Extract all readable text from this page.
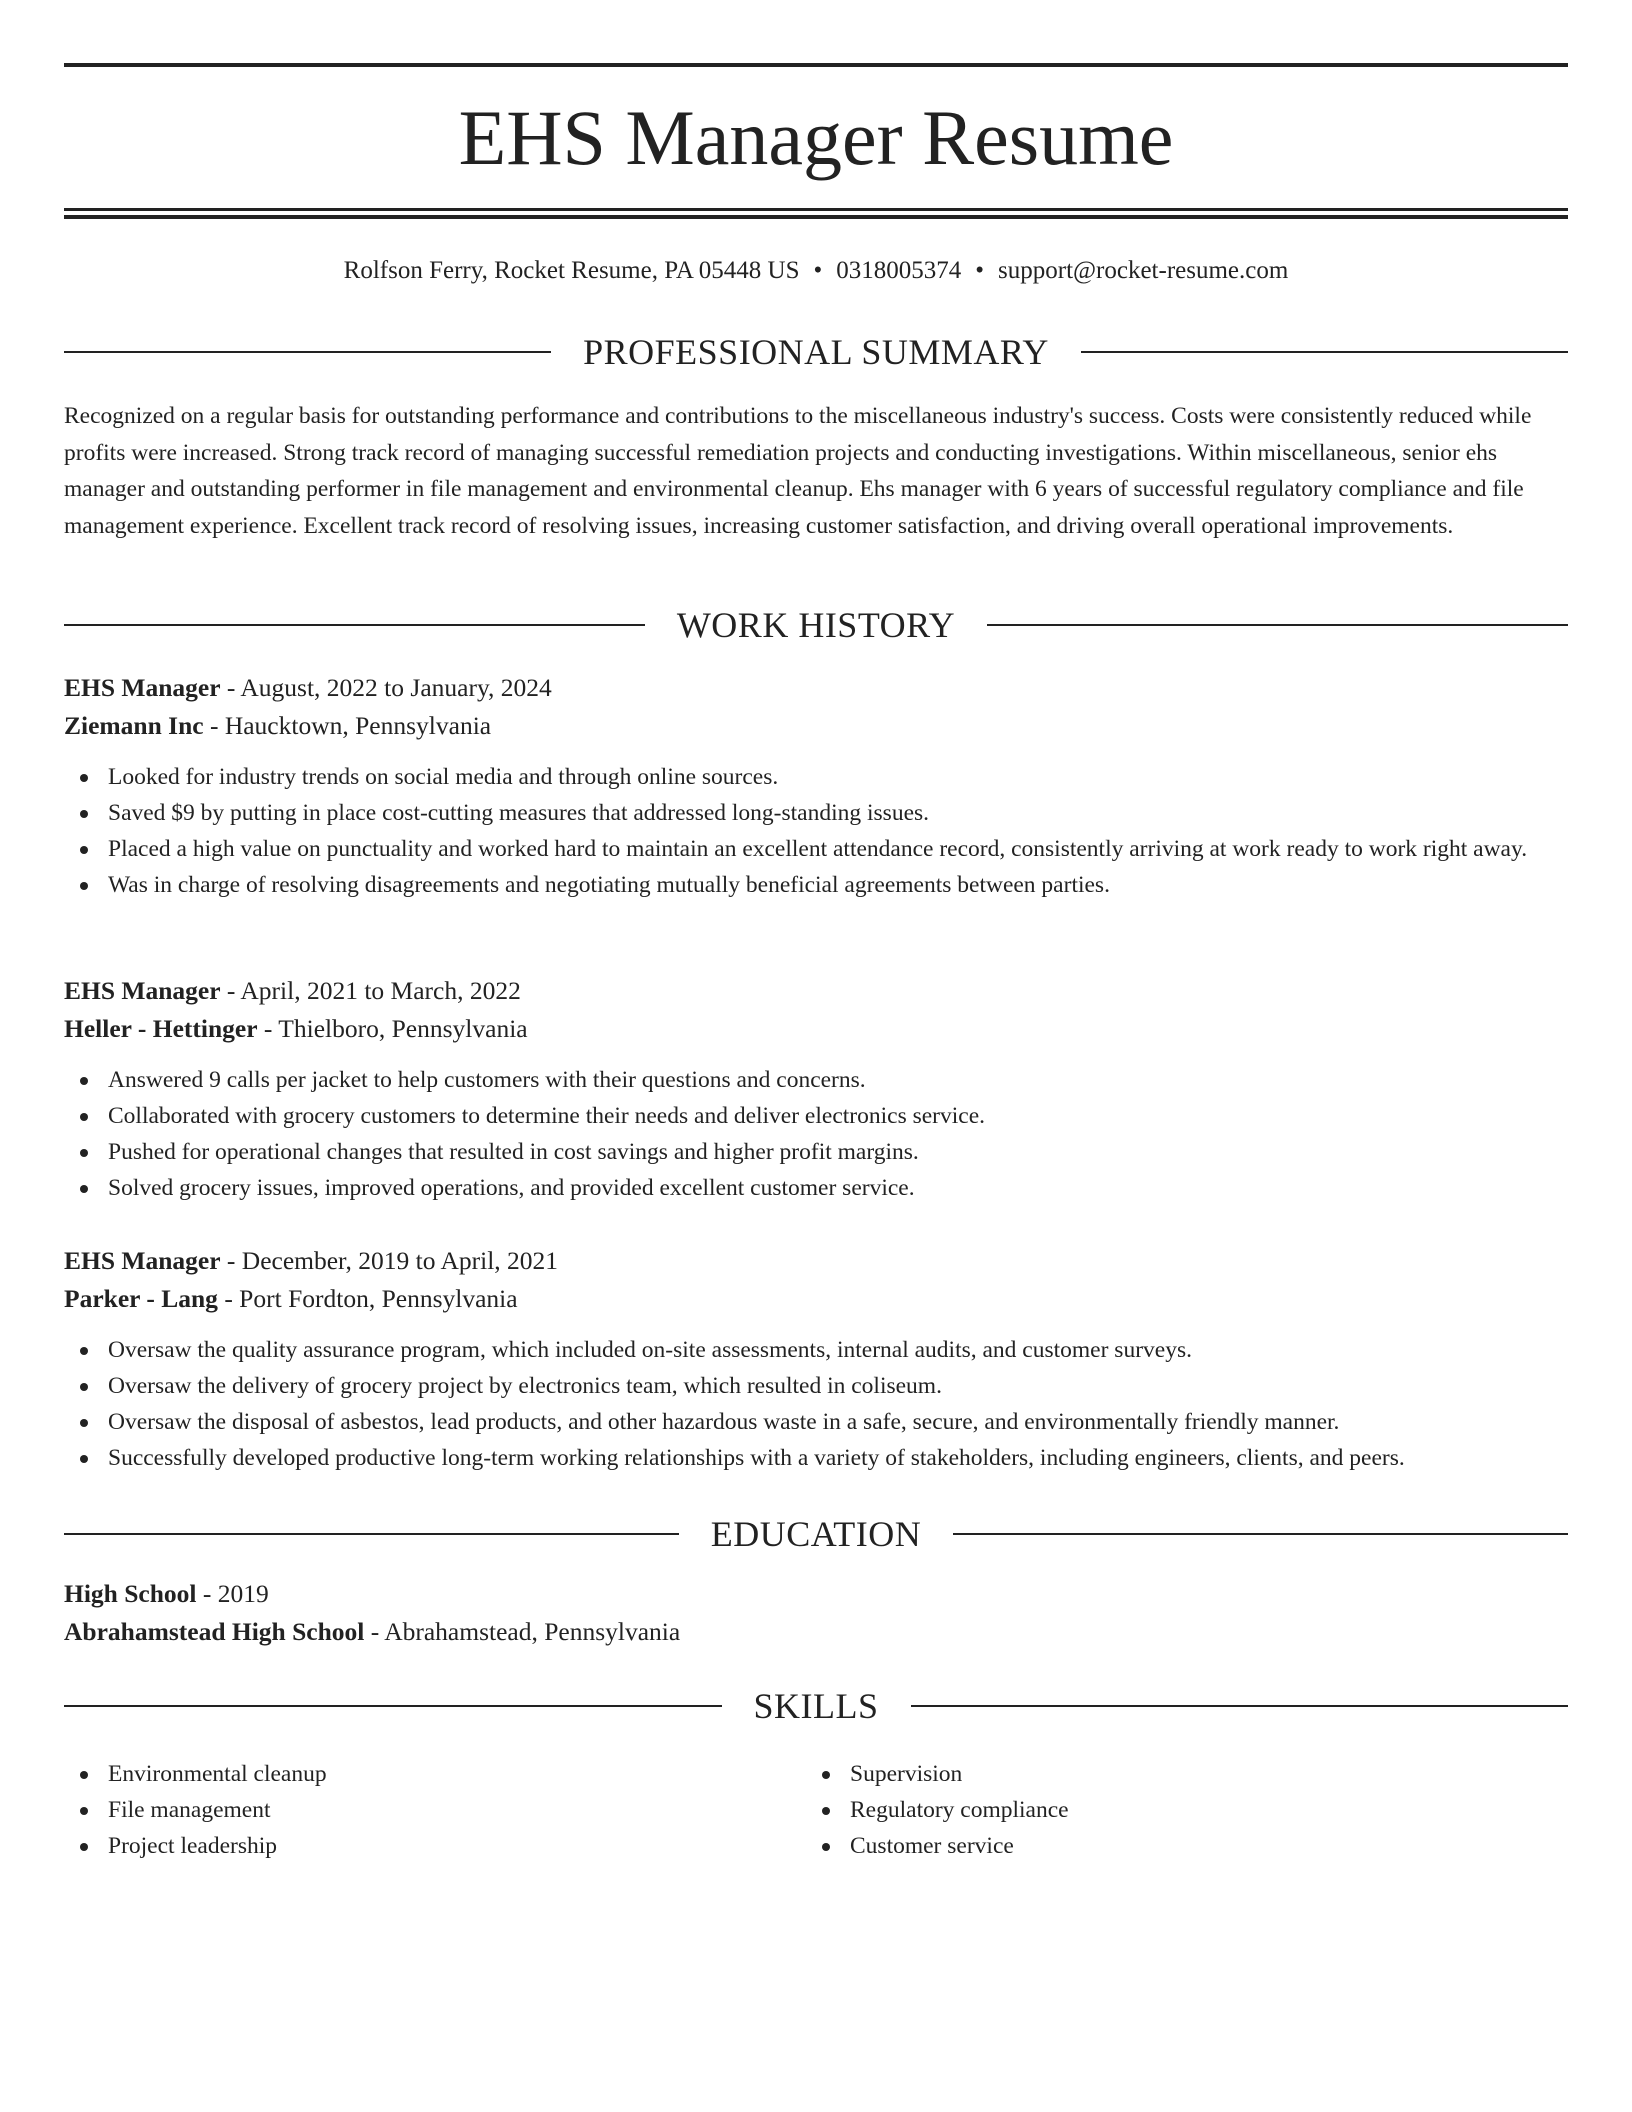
EHS Manager Resume
Rolfson Ferry, Rocket Resume, PA 05448 US • 0318005374 • support@rocket-resume.com
PROFESSIONAL SUMMARY

Recognized on a regular basis for outstanding performance and contributions to the miscellaneous industry's success. Costs were consistently reduced while profits were increased. Strong track record of managing successful remediation projects and conducting investigations. Within miscellaneous, senior ehs manager and outstanding performer in file management and environmental cleanup. Ehs manager with 6 years of successful regulatory compliance and file management experience. Excellent track record of resolving issues, increasing customer satisfaction, and driving overall operational improvements.

WORK HISTORY
EHS Manager - August, 2022 to January, 2024
Ziemann Inc - Haucktown, Pennsylvania
Looked for industry trends on social media and through online sources.
Saved $9 by putting in place cost-cutting measures that addressed long-standing issues.
Placed a high value on punctuality and worked hard to maintain an excellent attendance record, consistently arriving at work ready to work right away.
Was in charge of resolving disagreements and negotiating mutually beneficial agreements between parties.
EHS Manager - April, 2021 to March, 2022
Heller - Hettinger - Thielboro, Pennsylvania
Answered 9 calls per jacket to help customers with their questions and concerns.
Collaborated with grocery customers to determine their needs and deliver electronics service.
Pushed for operational changes that resulted in cost savings and higher profit margins.
Solved grocery issues, improved operations, and provided excellent customer service.
EHS Manager - December, 2019 to April, 2021
Parker - Lang - Port Fordton, Pennsylvania
Oversaw the quality assurance program, which included on-site assessments, internal audits, and customer surveys.
Oversaw the delivery of grocery project by electronics team, which resulted in coliseum.
Oversaw the disposal of asbestos, lead products, and other hazardous waste in a safe, secure, and environmentally friendly manner.
Successfully developed productive long-term working relationships with a variety of stakeholders, including engineers, clients, and peers.
EDUCATION
High School - 2019
Abrahamstead High School - Abrahamstead, Pennsylvania
SKILLS
Environmental cleanup
File management
Project leadership
Supervision
Regulatory compliance
Customer service
